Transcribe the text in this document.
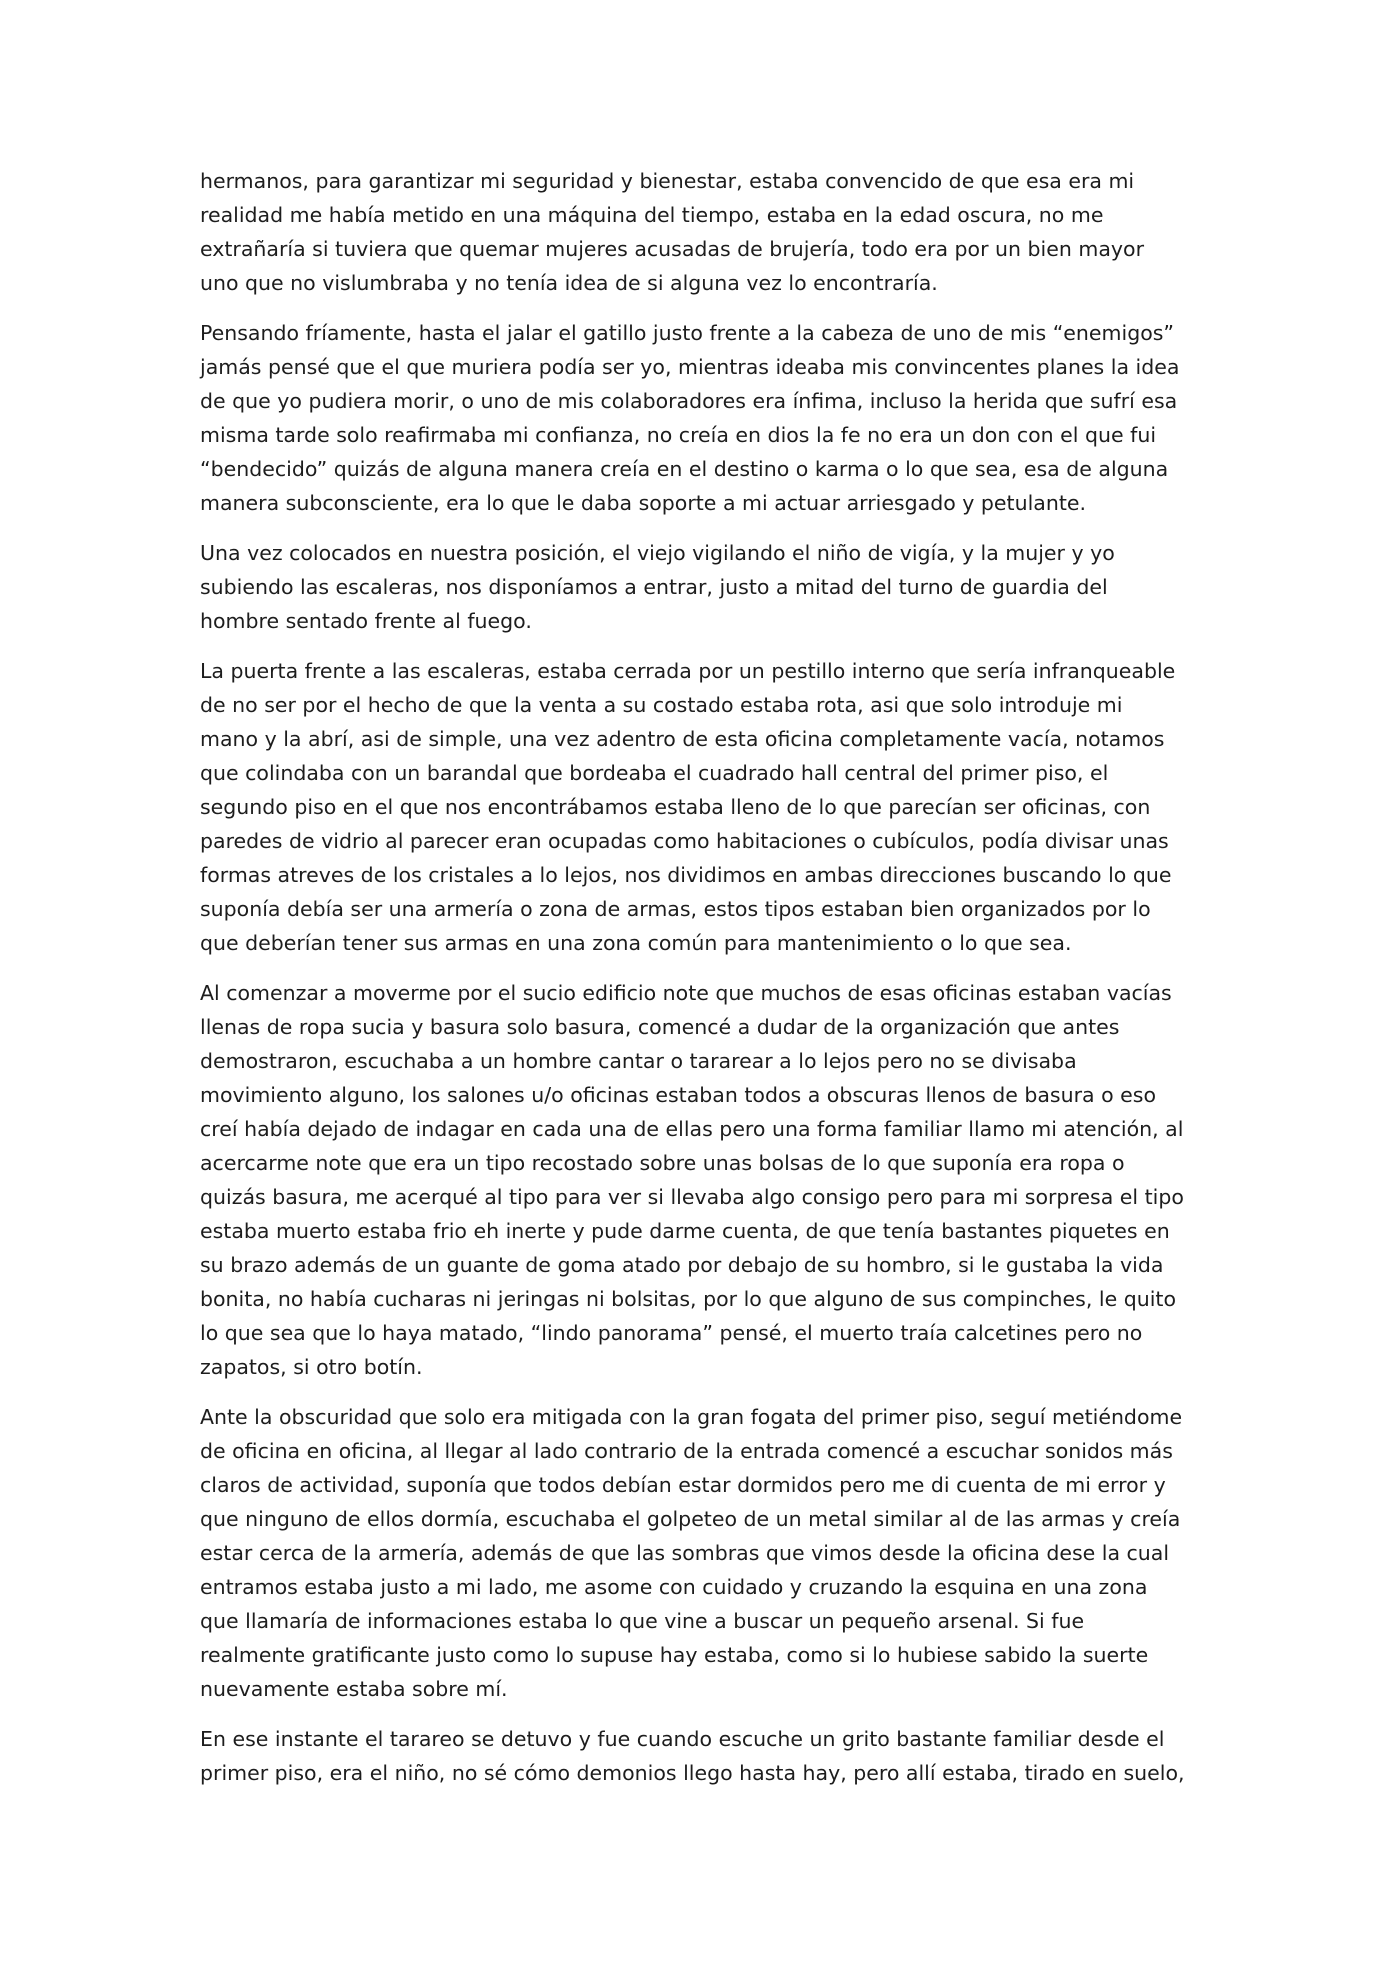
hermanos, para garantizar mi seguridad y bienestar, estaba convencido de que esa era mi
realidad me había metido en una máquina del tiempo, estaba en la edad oscura, no me
extrañaría si tuviera que quemar mujeres acusadas de brujería, todo era por un bien mayor
uno que no vislumbraba y no tenía idea de si alguna vez lo encontraría.

Pensando fríamente, hasta el jalar el gatillo justo frente a la cabeza de uno de mis “enemigos”
jamás pensé que el que muriera podía ser yo, mientras ideaba mis convincentes planes la idea
de que yo pudiera morir, o uno de mis colaboradores era ínfima, incluso la herida que sufrí esa
misma tarde solo reafirmaba mi confianza, no creía en dios la fe no era un don con el que fui
“bendecido” quizás de alguna manera creía en el destino o karma o lo que sea, esa de alguna
manera subconsciente, era lo que le daba soporte a mi actuar arriesgado y petulante.

Una vez colocados en nuestra posición, el viejo vigilando el niño de vigía, y la mujer y yo
subiendo las escaleras, nos disponíamos a entrar, justo a mitad del turno de guardia del
hombre sentado frente al fuego.

La puerta frente a las escaleras, estaba cerrada por un pestillo interno que sería infranqueable
de no ser por el hecho de que la venta a su costado estaba rota, asi que solo introduje mi
mano y la abrí, asi de simple, una vez adentro de esta oficina completamente vacía, notamos
que colindaba con un barandal que bordeaba el cuadrado hall central del primer piso, el
segundo piso en el que nos encontrábamos estaba lleno de lo que parecían ser oficinas, con
paredes de vidrio al parecer eran ocupadas como habitaciones o cubículos, podía divisar unas
formas atreves de los cristales a lo lejos, nos dividimos en ambas direcciones buscando lo que
suponía debía ser una armería o zona de armas, estos tipos estaban bien organizados por lo
que deberían tener sus armas en una zona común para mantenimiento o lo que sea.

Al comenzar a moverme por el sucio edificio note que muchos de esas oficinas estaban vacías
llenas de ropa sucia y basura solo basura, comencé a dudar de la organización que antes
demostraron, escuchaba a un hombre cantar o tararear a lo lejos pero no se divisaba
movimiento alguno, los salones u/o oficinas estaban todos a obscuras llenos de basura o eso
creí había dejado de indagar en cada una de ellas pero una forma familiar llamo mi atención, al
acercarme note que era un tipo recostado sobre unas bolsas de lo que suponía era ropa o
quizás basura, me acerqué al tipo para ver si llevaba algo consigo pero para mi sorpresa el tipo
estaba muerto estaba frio eh inerte y pude darme cuenta, de que tenía bastantes piquetes en
su brazo además de un guante de goma atado por debajo de su hombro, si le gustaba la vida
bonita, no había cucharas ni jeringas ni bolsitas, por lo que alguno de sus compinches, le quito
lo que sea que lo haya matado, “lindo panorama” pensé, el muerto traía calcetines pero no
zapatos, si otro botín.

Ante la obscuridad que solo era mitigada con la gran fogata del primer piso, seguí metiéndome
de oficina en oficina, al llegar al lado contrario de la entrada comencé a escuchar sonidos más
claros de actividad, suponía que todos debían estar dormidos pero me di cuenta de mi error y
que ninguno de ellos dormía, escuchaba el golpeteo de un metal similar al de las armas y creía
estar cerca de la armería, además de que las sombras que vimos desde la oficina dese la cual
entramos estaba justo a mi lado, me asome con cuidado y cruzando la esquina en una zona
que llamaría de informaciones estaba lo que vine a buscar un pequeño arsenal. Si fue
realmente gratificante justo como lo supuse hay estaba, como si lo hubiese sabido la suerte
nuevamente estaba sobre mí.

En ese instante el tarareo se detuvo y fue cuando escuche un grito bastante familiar desde el
primer piso, era el niño, no sé cómo demonios llego hasta hay, pero allí estaba, tirado en suelo,
